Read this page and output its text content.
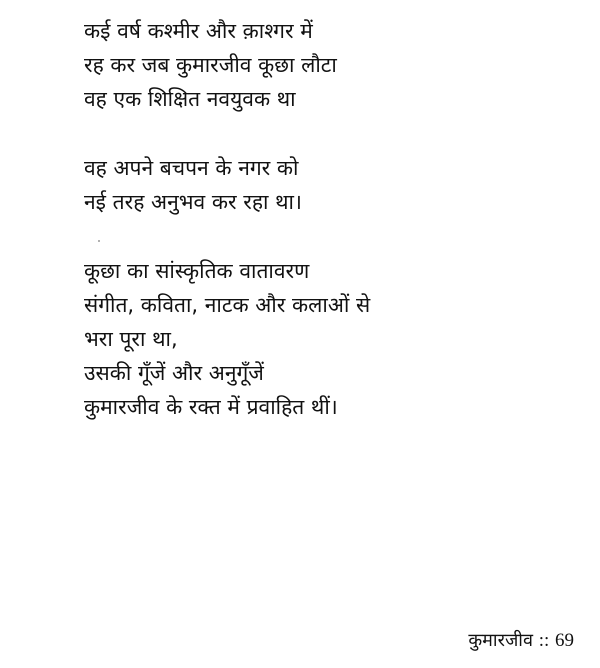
कई वर्ष कश्मीर और क़ाश्गर में
रह कर जब कुमारजीव कूछा लौटा
वह एक शिक्षित नवयुवक था
वह अपने बचपन के नगर को
नई तरह अनुभव कर रहा था।
कूछा का सांस्कृतिक वातावरण
संगीत, कविता, नाटक और कलाओं से
भरा पूरा था,
उसकी गूँजें और अनुगूँजें
कुमारजीव के रक्त में प्रवाहित थीं।
कुमारजीव :: 69
